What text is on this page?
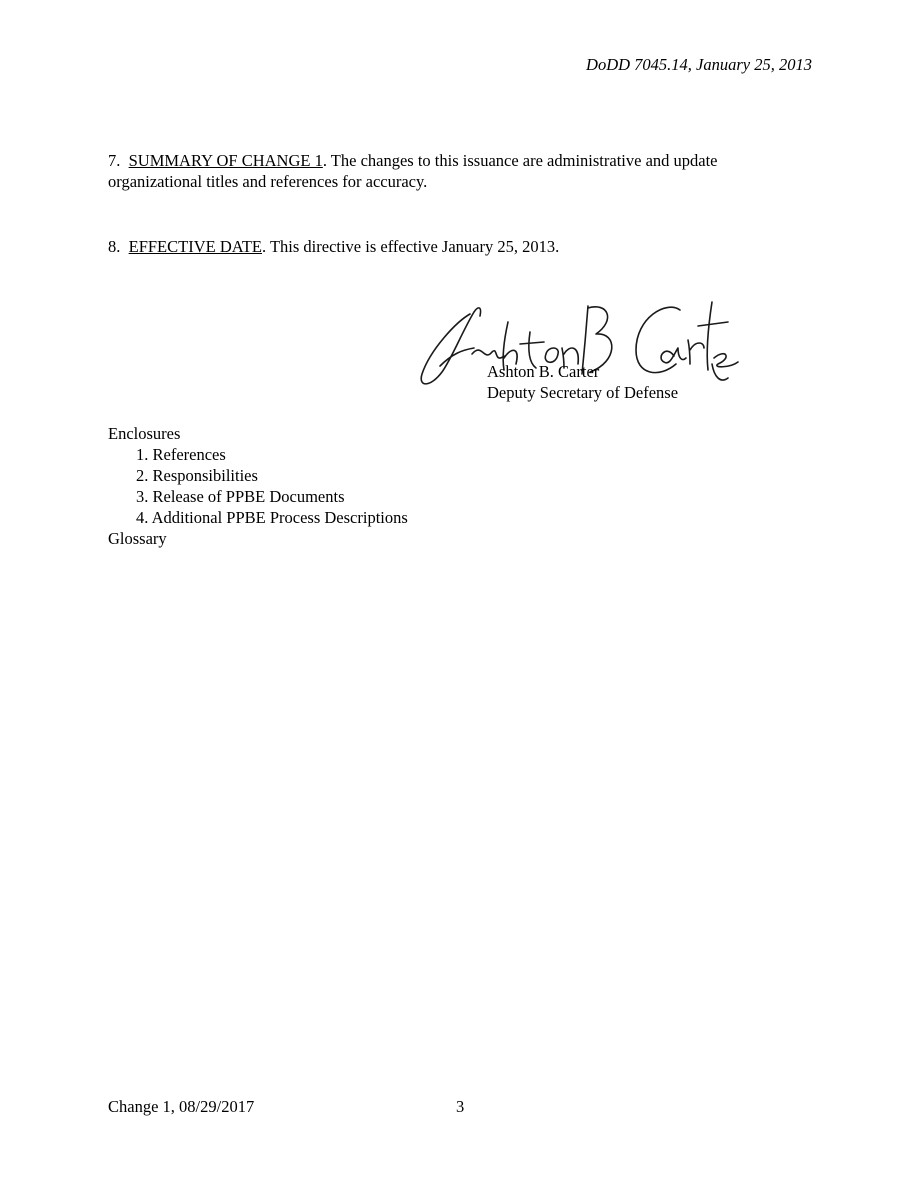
DoDD 7045.14, January 25, 2013
7. SUMMARY OF CHANGE 1. The changes to this issuance are administrative and update organizational titles and references for accuracy.
8. EFFECTIVE DATE. This directive is effective January 25, 2013.
Ashton B. Carter
Deputy Secretary of Defense
Enclosures
1. References
2. Responsibilities
3. Release of PPBE Documents
4. Additional PPBE Process Descriptions
Glossary
Change 1, 08/29/2017	3
